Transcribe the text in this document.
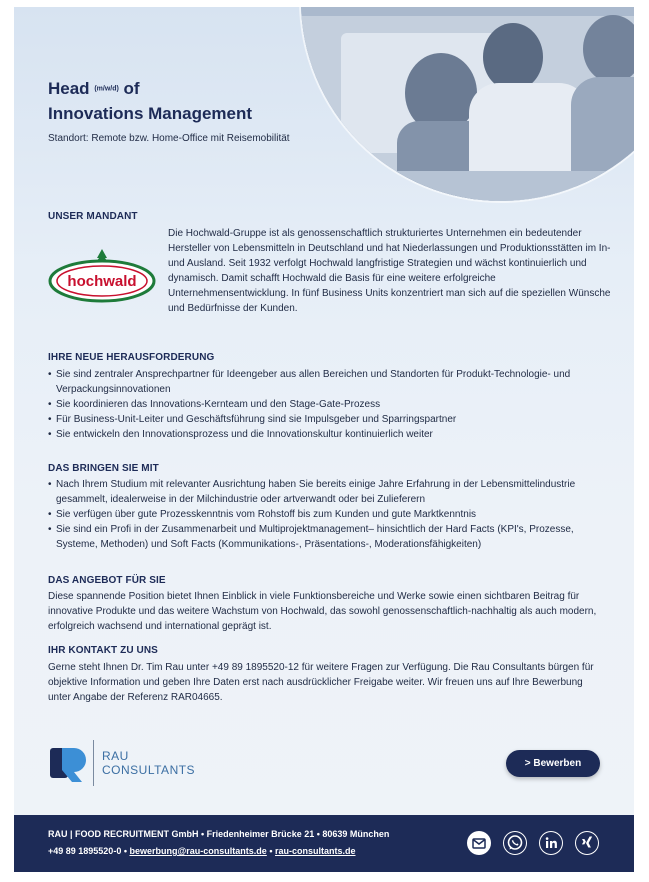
Head (m/w/d) of
Innovations Management
Standort: Remote bzw. Home-Office mit Reisemobilität
UNSER MANDANT
hochwald

Die Hochwald-Gruppe ist als genossenschaftlich strukturiertes Unternehmen ein bedeutender Hersteller von Lebensmitteln in Deutschland und hat Niederlassungen und Produktionsstätten im In- und Ausland. Seit 1932 verfolgt Hochwald langfristige Strategien und wächst kontinuierlich und dynamisch. Damit schafft Hochwald die Basis für eine weitere erfolgreiche Unternehmensentwicklung. In fünf Business Units konzentriert man sich auf die speziellen Wünsche und Bedürfnisse der Kunden.

IHRE NEUE HERAUSFORDERUNG
• Sie sind zentraler Ansprechpartner für Ideengeber aus allen Bereichen und Standorten für Produkt-Technologie- und Verpackungsinnovationen
• Sie koordinieren das Innovations-Kernteam und den Stage-Gate-Prozess
• Für Business-Unit-Leiter und Geschäftsführung sind sie Impulsgeber und Sparringspartner
• Sie entwickeln den Innovationsprozess und die Innovationskultur kontinuierlich weiter
DAS BRINGEN SIE MIT
• Nach Ihrem Studium mit relevanter Ausrichtung haben Sie bereits einige Jahre Erfahrung in der Lebensmittelindustrie gesammelt, idealerweise in der Milchindustrie oder artverwandt oder bei Zulieferern
• Sie verfügen über gute Prozesskenntnis vom Rohstoff bis zum Kunden und gute Marktkenntnis
• Sie sind ein Profi in der Zusammenarbeit und Multiprojektmanagement– hinsichtlich der Hard Facts (KPI's, Prozesse, Systeme, Methoden) und Soft Facts (Kommunikations-, Präsentations-, Moderationsfähigkeiten)
DAS ANGEBOT FÜR SIE

Diese spannende Position bietet Ihnen Einblick in viele Funktionsbereiche und Werke sowie einen sichtbaren Beitrag für innovative Produkte und das weitere Wachstum von Hochwald, das sowohl genossenschaftlich-nachhaltig als auch modern, erfolgreich wachsend und international geprägt ist.

IHR KONTAKT ZU UNS

Gerne steht Ihnen Dr. Tim Rau unter +49 89 1895520-12 für weitere Fragen zur Verfügung. Die Rau Consultants bürgen für objektive Information und geben Ihre Daten erst nach ausdrücklicher Freigabe weiter. Wir freuen uns auf Ihre Bewerbung unter Angabe der Referenz RAR04665.

RAU
CONSULTANTS	> Bewerben
RAU | FOOD RECRUITMENT GmbH • Friedenheimer Brücke 21 • 80639 München
+49 89 1895520-0 • bewerbung@rau-consultants.de • rau-consultants.de
